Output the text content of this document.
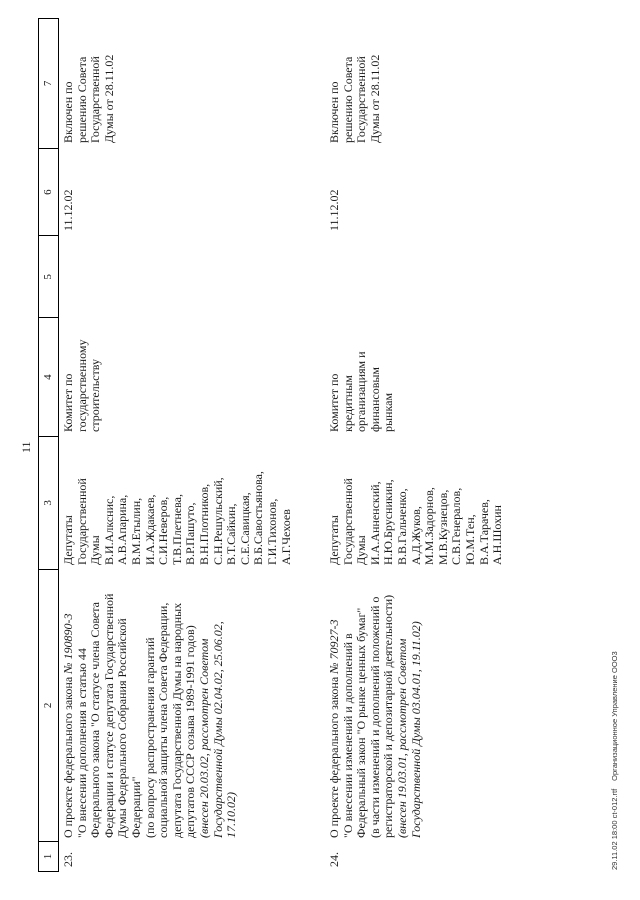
11
1
2
3
4
5
6
7
23.
О проекте федерального закона № 190890-3
"О внесении дополнения в статью 44
Федерального закона "О статусе члена Совета
Федерации и статусе депутата Государственной
Думы Федерального Собрания Российской
Федерации"
(по вопросу распространения гарантий
социальной защиты члена Совета Федерации,
депутата Государственной Думы на народных
депутатов СССР созыва 1989-1991 годов)
(внесен 20.03.02, рассмотрен Советом
Государственной Думы 02.04.02, 25.06.02,
17.10.02)
Депутаты
Государственной
Думы
В.И.Алкснис,
А.В.Апарина,
В.М.Етылин,
И.А.Ждакаев,
С.И.Неверов,
Т.В.Плетнева,
В.Р.Пашуто,
В.Н.Плотников,
С.Н.Решульский,
В.Т.Сайкин,
С.Е.Савицкая,
В.Б.Савостьянова,
Г.И.Тихонов,
А.Г.Чехоев
Комитет по
государственному
строительству
11.12.02
Включен по
решению Совета
Государственной
Думы от 28.11.02
24.
О проекте федерального закона № 70927-3
"О внесении изменений и дополнений в
Федеральный закон "О рынке ценных бумаг"
(в части изменений и дополнений положений о
регистраторской и депозитарной деятельности)
(внесен 19.03.01, рассмотрен Советом
Государственной Думы 03.04.01, 19.11.02)
Депутаты
Государственной
Думы
И.А.Анненский,
Н.Ю.Брусникин,
В.В.Гальченко,
А.Д.Жуков,
М.М.Задорнов,
М.В.Кузнецов,
С.В.Генералов,
Ю.М.Тен,
В.А.Тарачев,
А.Н.Шохин
Комитет по
кредитным
организациям и
финансовым
рынкам
11.12.02
Включен по
решению Совета
Государственной
Думы от 28.11.02
29.11.02 18:00 ct-012.rtfОрганизационное Управление ООО3
